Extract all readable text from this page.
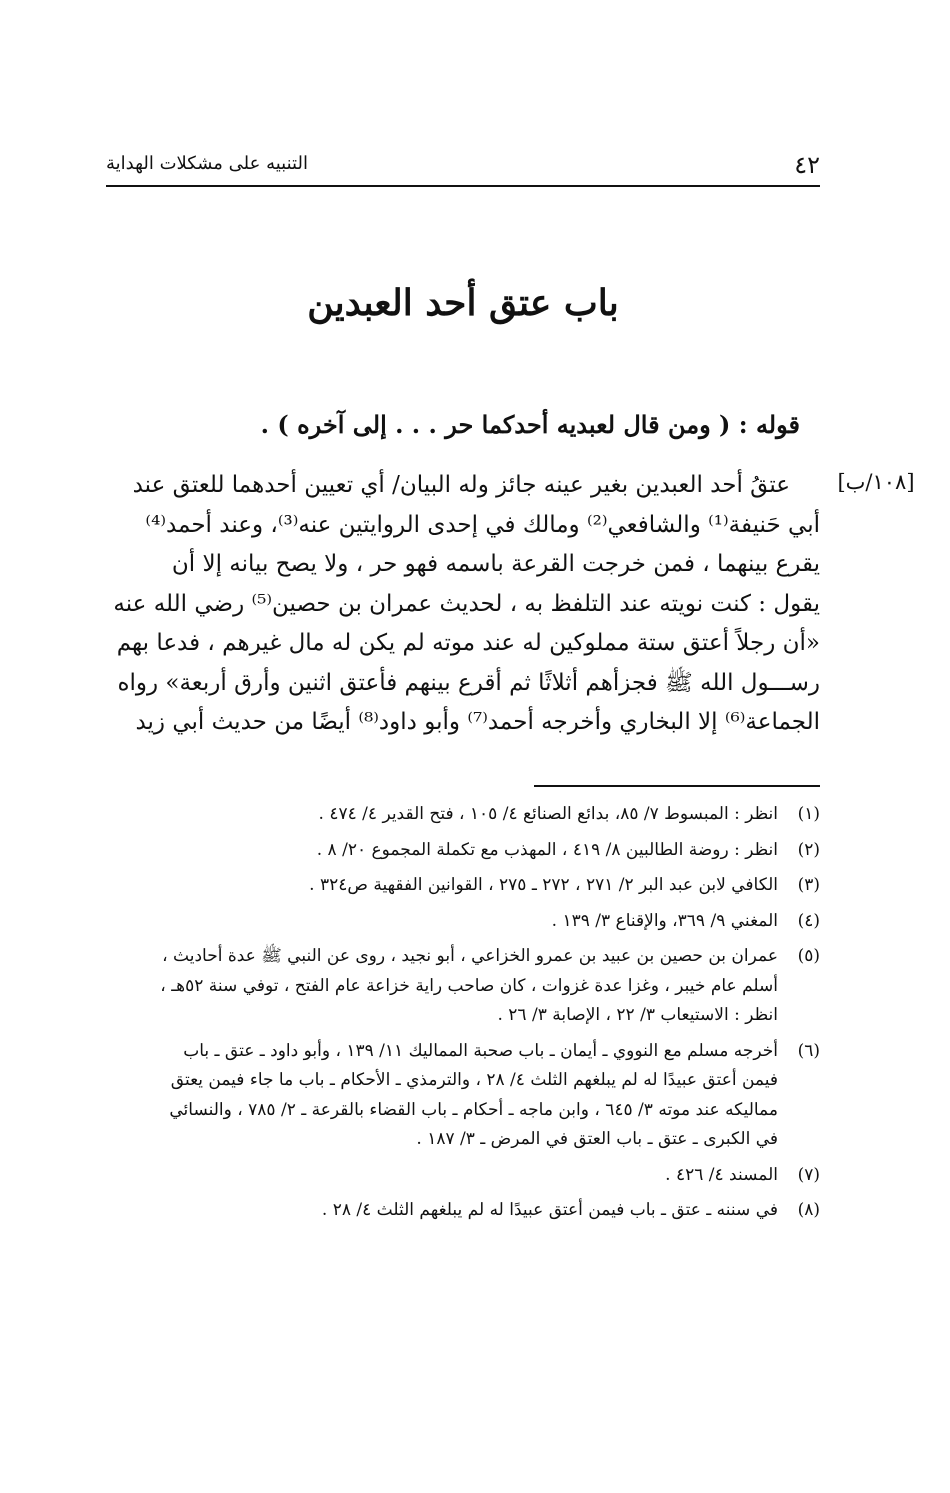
٤٢
التنبيه على مشكلات الهداية
باب عتق أحد العبدين
قوله : ( ومن قال لعبديه أحدكما حر . . . إلى آخره ) .
[١٠٨/ب]
عتقُ أحد العبدين بغير عينه جائز وله البيان/ أي تعيين أحدهما للعتق عند
أبي حَنيفة⁽¹⁾ والشافعي⁽²⁾ ومالك في إحدى الروايتين عنه⁽³⁾، وعند أحمد⁽⁴⁾
يقرع بينهما ، فمن خرجت القرعة باسمه فهو حر ، ولا يصح بيانه إلا أن
يقول : كنت نويته عند التلفظ به ، لحديث عمران بن حصين⁽⁵⁾ رضي الله عنه
«أن رجلاً أعتق ستة مملوكين له عند موته لم يكن له مال غيرهم ، فدعا بهم
رســـول الله ﷺ فجزأهم أثلاثًا ثم أقرع بينهم فأعتق اثنين وأرق أربعة» رواه
الجماعة⁽⁶⁾ إلا البخاري وأخرجه أحمد⁽⁷⁾ وأبو داود⁽⁸⁾ أيضًا من حديث أبي زيد
(١)
انظر : المبسوط ٧/ ٨٥، بدائع الصنائع ٤/ ١٠٥ ، فتح القدير ٤/ ٤٧٤ .
(٢)
انظر : روضة الطالبين ٨/ ٤١٩ ، المهذب مع تكملة المجموع ٢٠/ ٨ .
(٣)
الكافي لابن عبد البر ٢/ ٢٧١ ، ٢٧٢ ـ ٢٧٥ ، القوانين الفقهية ص٣٢٤ .
(٤)
المغني ٩/ ٣٦٩، والإقناع ٣/ ١٣٩ .
(٥)
عمران بن حصين بن عبيد بن عمرو الخزاعي ، أبو نجيد ، روى عن النبي ﷺ عدة أحاديث ،
أسلم عام خيبر ، وغزا عدة غزوات ، كان صاحب راية خزاعة عام الفتح ، توفي سنة ٥٢هـ ،
انظر : الاستيعاب ٣/ ٢٢ ، الإصابة ٣/ ٢٦ .
(٦)
أخرجه مسلم مع النووي ـ أيمان ـ باب صحبة المماليك ١١/ ١٣٩ ، وأبو داود ـ عتق ـ باب
فيمن أعتق عبيدًا له لم يبلغهم الثلث ٤/ ٢٨ ، والترمذي ـ الأحكام ـ باب ما جاء فيمن يعتق
مماليكه عند موته ٣/ ٦٤٥ ، وابن ماجه ـ أحكام ـ باب القضاء بالقرعة ـ ٢/ ٧٨٥ ، والنسائي
في الكبرى ـ عتق ـ باب العتق في المرض ـ ٣/ ١٨٧ .
(٧)
المسند ٤/ ٤٢٦ .
(٨)
في سننه ـ عتق ـ باب فيمن أعتق عبيدًا له لم يبلغهم الثلث ٤/ ٢٨ .
